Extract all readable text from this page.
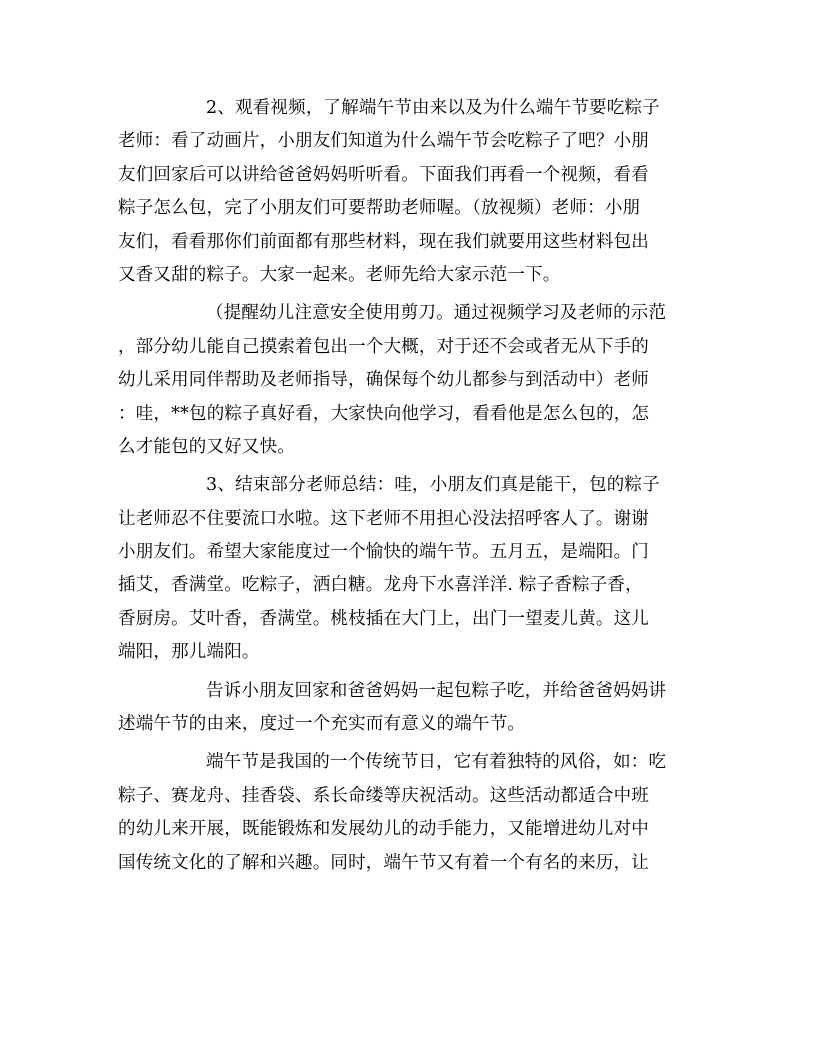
2、观看视频，了解端午节由来以及为什么端午节要吃粽子
老师：看了动画片，小朋友们知道为什么端午节会吃粽子了吧？小朋
友们回家后可以讲给爸爸妈妈听听看。下面我们再看一个视频，看看
粽子怎么包，完了小朋友们可要帮助老师喔。（放视频）老师：小朋
友们，看看那你们前面都有那些材料，现在我们就要用这些材料包出
又香又甜的粽子。大家一起来。老师先给大家示范一下。
（提醒幼儿注意安全使用剪刀。通过视频学习及老师的示范
，部分幼儿能自己摸索着包出一个大概，对于还不会或者无从下手的
幼儿采用同伴帮助及老师指导，确保每个幼儿都参与到活动中）老师
：哇，**包的粽子真好看，大家快向他学习，看看他是怎么包的，怎
么才能包的又好又快。
3、结束部分老师总结：哇，小朋友们真是能干，包的粽子
让老师忍不住要流口水啦。这下老师不用担心没法招呼客人了。谢谢
小朋友们。希望大家能度过一个愉快的端午节。五月五，是端阳。门
插艾，香满堂。吃粽子，洒白糖。龙舟下水喜洋洋. 粽子香粽子香，
香厨房。艾叶香，香满堂。桃枝插在大门上，出门一望麦儿黄。这儿
端阳，那儿端阳。
告诉小朋友回家和爸爸妈妈一起包粽子吃，并给爸爸妈妈讲
述端午节的由来，度过一个充实而有意义的端午节。
端午节是我国的一个传统节日，它有着独特的风俗，如：吃
粽子、赛龙舟、挂香袋、系长命缕等庆祝活动。这些活动都适合中班
的幼儿来开展，既能锻炼和发展幼儿的动手能力，又能增进幼儿对中
国传统文化的了解和兴趣。同时，端午节又有着一个有名的来历，让
